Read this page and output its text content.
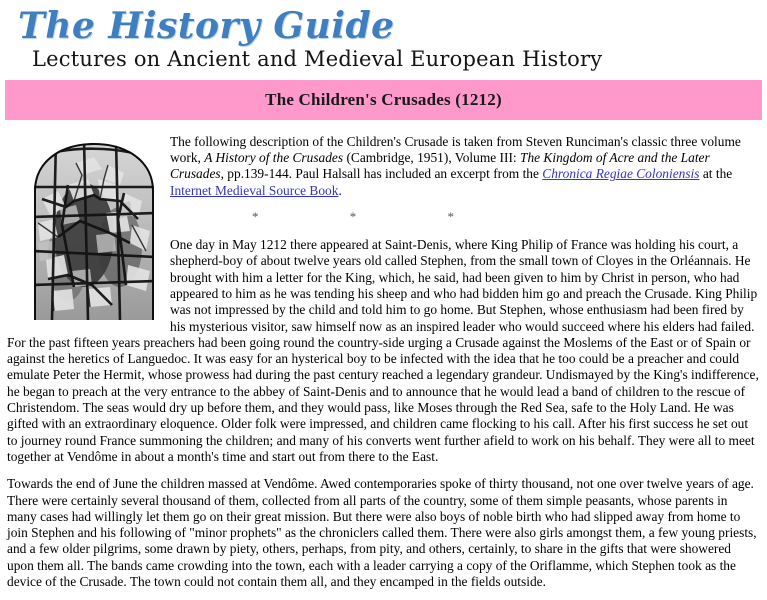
The History Guide
Lectures on Ancient and Medieval European History
The Children's Crusades (1212)

The following description of the Children's Crusade is taken from Steven Runciman's classic three volume work, A History of the Crusades (Cambridge, 1951), Volume III: The Kingdom of Acre and the Later Crusades, pp.139-144. Paul Halsall has included an excerpt from the Chronica Regiae Coloniensis at the Internet Medieval Source Book.

* * *

One day in May 1212 there appeared at Saint-Denis, where King Philip of France was holding his court, a shepherd-boy of about twelve years old called Stephen, from the small town of Cloyes in the Orléannais. He brought with him a letter for the King, which, he said, had been given to him by Christ in person, who had appeared to him as he was tending his sheep and who had bidden him go and preach the Crusade. King Philip was not impressed by the child and told him to go home. But Stephen, whose enthusiasm had been fired by his mysterious visitor, saw himself now as an inspired leader who would succeed where his elders had failed. For the past fifteen years preachers had been going round the country-side urging a Crusade against the Moslems of the East or of Spain or against the heretics of Languedoc. It was easy for an hysterical boy to be infected with the idea that he too could be a preacher and could emulate Peter the Hermit, whose prowess had during the past century reached a legendary grandeur. Undismayed by the King's indifference, he began to preach at the very entrance to the abbey of Saint-Denis and to announce that he would lead a band of children to the rescue of Christendom. The seas would dry up before them, and they would pass, like Moses through the Red Sea, safe to the Holy Land. He was gifted with an extraordinary eloquence. Older folk were impressed, and children came flocking to his call. After his first success he set out to journey round France summoning the children; and many of his converts went further afield to work on his behalf. They were all to meet together at Vendôme in about a month's time and start out from there to the East.

Towards the end of June the children massed at Vendôme. Awed contemporaries spoke of thirty thousand, not one over twelve years of age. There were certainly several thousand of them, collected from all parts of the country, some of them simple peasants, whose parents in many cases had willingly let them go on their great mission. But there were also boys of noble birth who had slipped away from home to join Stephen and his following of "minor prophets" as the chroniclers called them. There were also girls amongst them, a few young priests, and a few older pilgrims, some drawn by piety, others, perhaps, from pity, and others, certainly, to share in the gifts that were showered upon them all. The bands came crowding into the town, each with a leader carrying a copy of the Oriflamme, which Stephen took as the device of the Crusade. The town could not contain them all, and they encamped in the fields outside.
